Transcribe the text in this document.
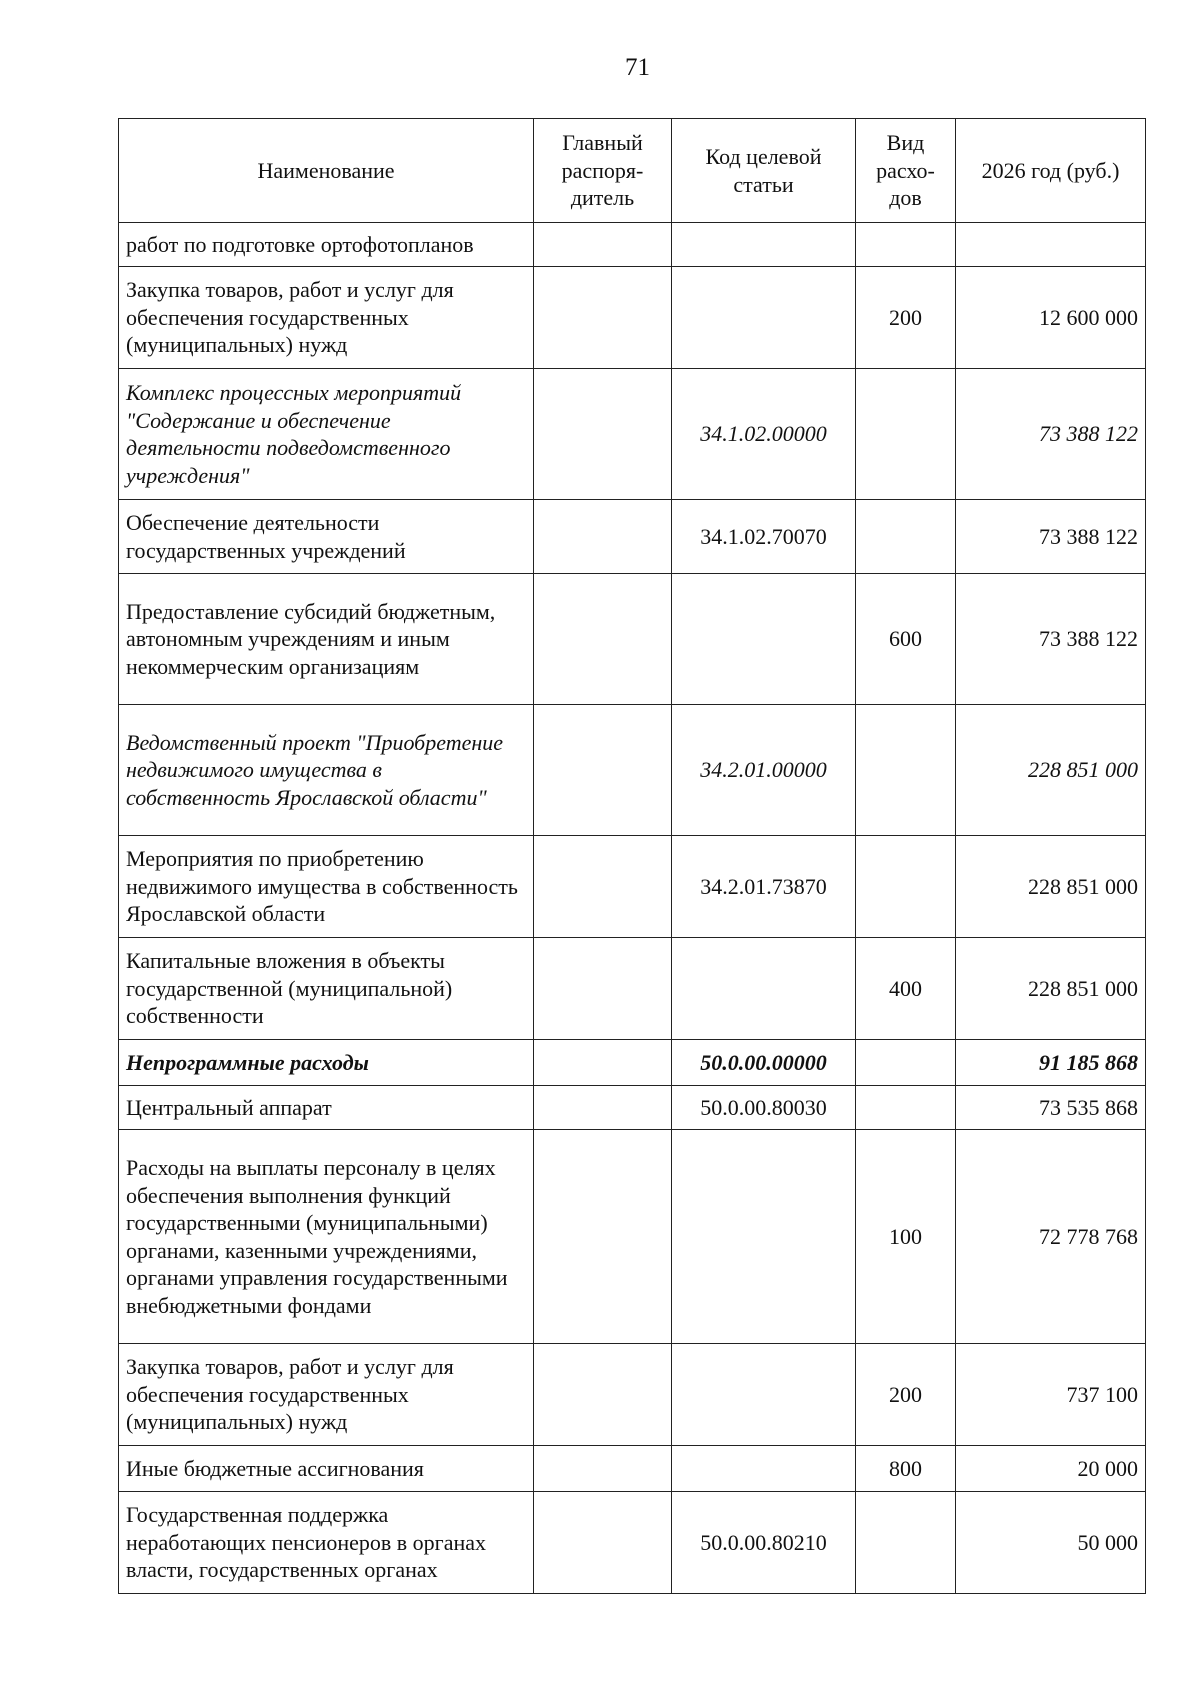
71
Наименование	Главный распоря- дитель	Код целевой статьи	Вид расхо- дов	2026 год (руб.)
работ по подготовке ортофотопланов				
Закупка товаров, работ и услуг для обеспечения государственных (муниципальных) нужд			200	12 600 000
Комплекс процессных мероприятий "Содержание и обеспечение деятельности подведомственного учреждения"		34.1.02.00000		73 388 122
Обеспечение деятельности государственных учреждений		34.1.02.70070		73 388 122
Предоставление субсидий бюджетным, автономным учреждениям и иным некоммерческим организациям			600	73 388 122
Ведомственный проект "Приобретение недвижимого имущества в собственность Ярославской области"		34.2.01.00000		228 851 000
Мероприятия по приобретению недвижимого имущества в собственность Ярославской области		34.2.01.73870		228 851 000
Капитальные вложения в объекты государственной (муниципальной) собственности			400	228 851 000
Непрограммные расходы		50.0.00.00000		91 185 868
Центральный аппарат		50.0.00.80030		73 535 868
Расходы на выплаты персоналу в целях обеспечения выполнения функций государственными (муниципальными) органами, казенными учреждениями, органами управления государственными внебюджетными фондами			100	72 778 768
Закупка товаров, работ и услуг для обеспечения государственных (муниципальных) нужд			200	737 100
Иные бюджетные ассигнования			800	20 000
Государственная поддержка неработающих пенсионеров в органах власти, государственных органах		50.0.00.80210		50 000
